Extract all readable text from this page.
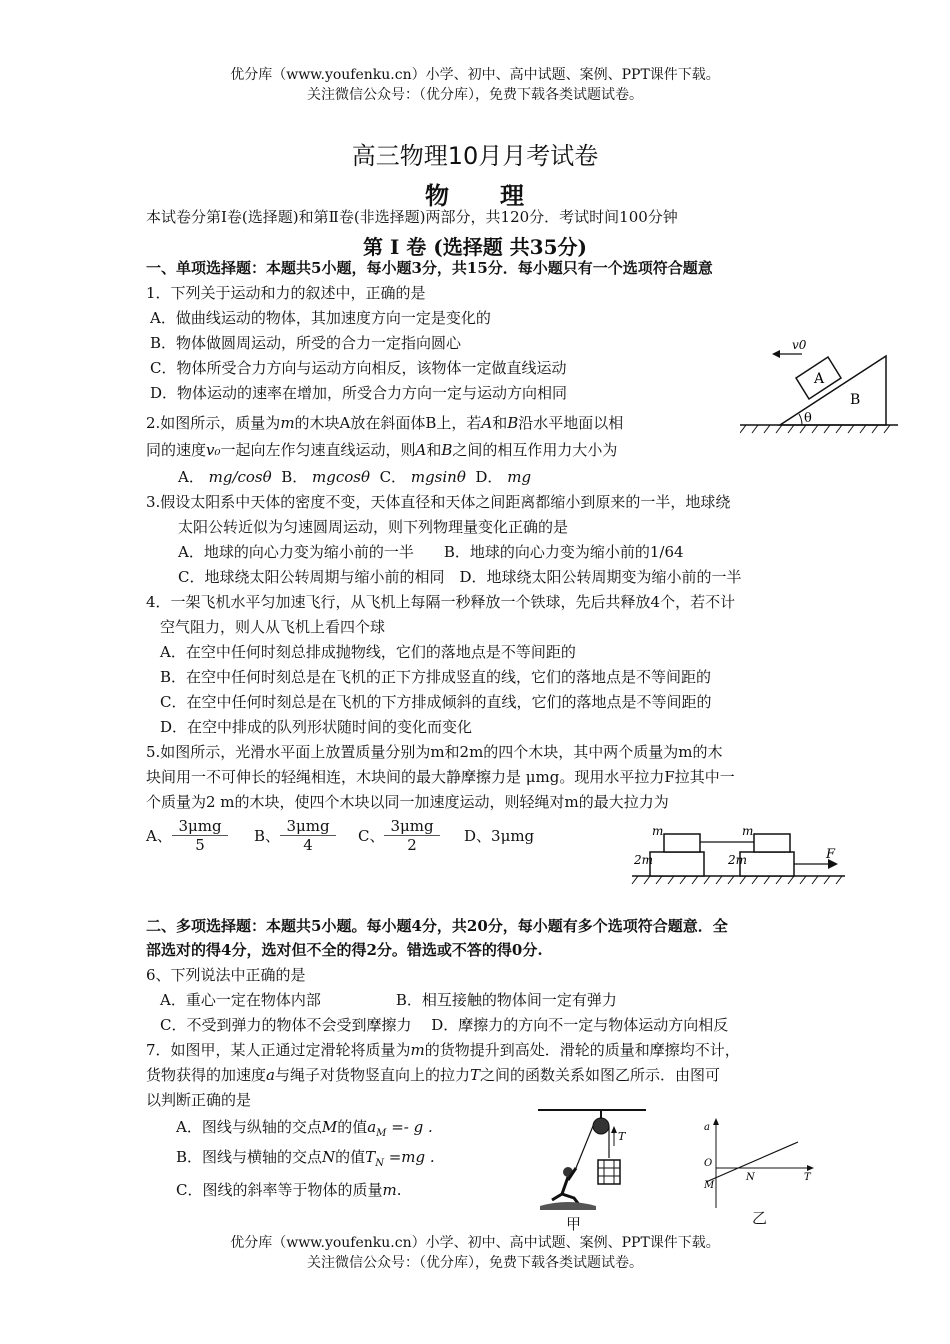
优分库（www.youfenku.cn）小学、初中、高中试题、案例、PPT课件下载。
关注微信公众号：（优分库），免费下载各类试题试卷。
高三物理10月月考试卷
物　　理
本试卷分第Ⅰ卷(选择题)和第Ⅱ卷(非选择题)两部分，共120分．考试时间100分钟
第 I 卷 (选择题 共35分)
一、单项选择题：本题共5小题，每小题3分，共15分．每小题只有一个选项符合题意
1．下列关于运动和力的叙述中，正确的是
A．做曲线运动的物体，其加速度方向一定是变化的
B．物体做圆周运动，所受的合力一定指向圆心
C．物体所受合力方向与运动方向相反，该物体一定做直线运动
D．物体运动的速率在增加，所受合力方向一定与运动方向相同
v0
A
B
θ
2.如图所示，质量为m的木块A放在斜面体B上，若A和B沿水平地面以相
同的速度v₀一起向左作匀速直线运动，则A和B之间的相互作用力大小为
A． mg/cosθ B． mgcosθ C． mgsinθ D． mg
3.假设太阳系中天体的密度不变，天体直径和天体之间距离都缩小到原来的一半，地球绕
太阳公转近似为匀速圆周运动，则下列物理量变化正确的是
A．地球的向心力变为缩小前的一半　　B．地球的向心力变为缩小前的1/64
C．地球绕太阳公转周期与缩小前的相同　D．地球绕太阳公转周期变为缩小前的一半
4．一架飞机水平匀加速飞行，从飞机上每隔一秒释放一个铁球，先后共释放4个，若不计
空气阻力，则人从飞机上看四个球
A．在空中任何时刻总排成抛物线，它们的落地点是不等间距的
B．在空中任何时刻总是在飞机的正下方排成竖直的线，它们的落地点是不等间距的
C．在空中任何时刻总是在飞机的下方排成倾斜的直线，它们的落地点是不等间距的
D．在空中排成的队列形状随时间的变化而变化
5.如图所示，光滑水平面上放置质量分别为m和2m的四个木块，其中两个质量为m的木
块间用一不可伸长的轻绳相连，木块间的最大静摩擦力是 μmg。现用水平拉力F拉其中一
个质量为2 m的木块，使四个木块以同一加速度运动，则轻绳对m的最大拉力为
A、
3μmg
5	B、
3μmg
4	C、
3μmg
2	D、3μmg	m	m
2m	2m	F
二、多项选择题：本题共5小题。每小题4分，共20分，每小题有多个选项符合题意．全
部选对的得4分，选对但不全的得2分。错选或不答的得0分.
6、下列说法中正确的是
A．重心一定在物体内部　　　　　B．相互接触的物体间一定有弹力
C．不受到弹力的物体不会受到摩擦力　 D．摩擦力的方向不一定与物体运动方向相反
7．如图甲，某人正通过定滑轮将质量为m的货物提升到高处．滑轮的质量和摩擦均不计，
货物获得的加速度a与绳子对货物竖直向上的拉力T之间的函数关系如图乙所示．由图可
以判断正确的是
A．图线与纵轴的交点M的值$a_M =- g$ .
B．图线与横轴的交点N的值$T_N =mg$ .
C．图线的斜率等于物体的质量m.
T
甲
a
O
N
M
T
乙
优分库（www.youfenku.cn）小学、初中、高中试题、案例、PPT课件下载。
关注微信公众号：（优分库），免费下载各类试题试卷。
